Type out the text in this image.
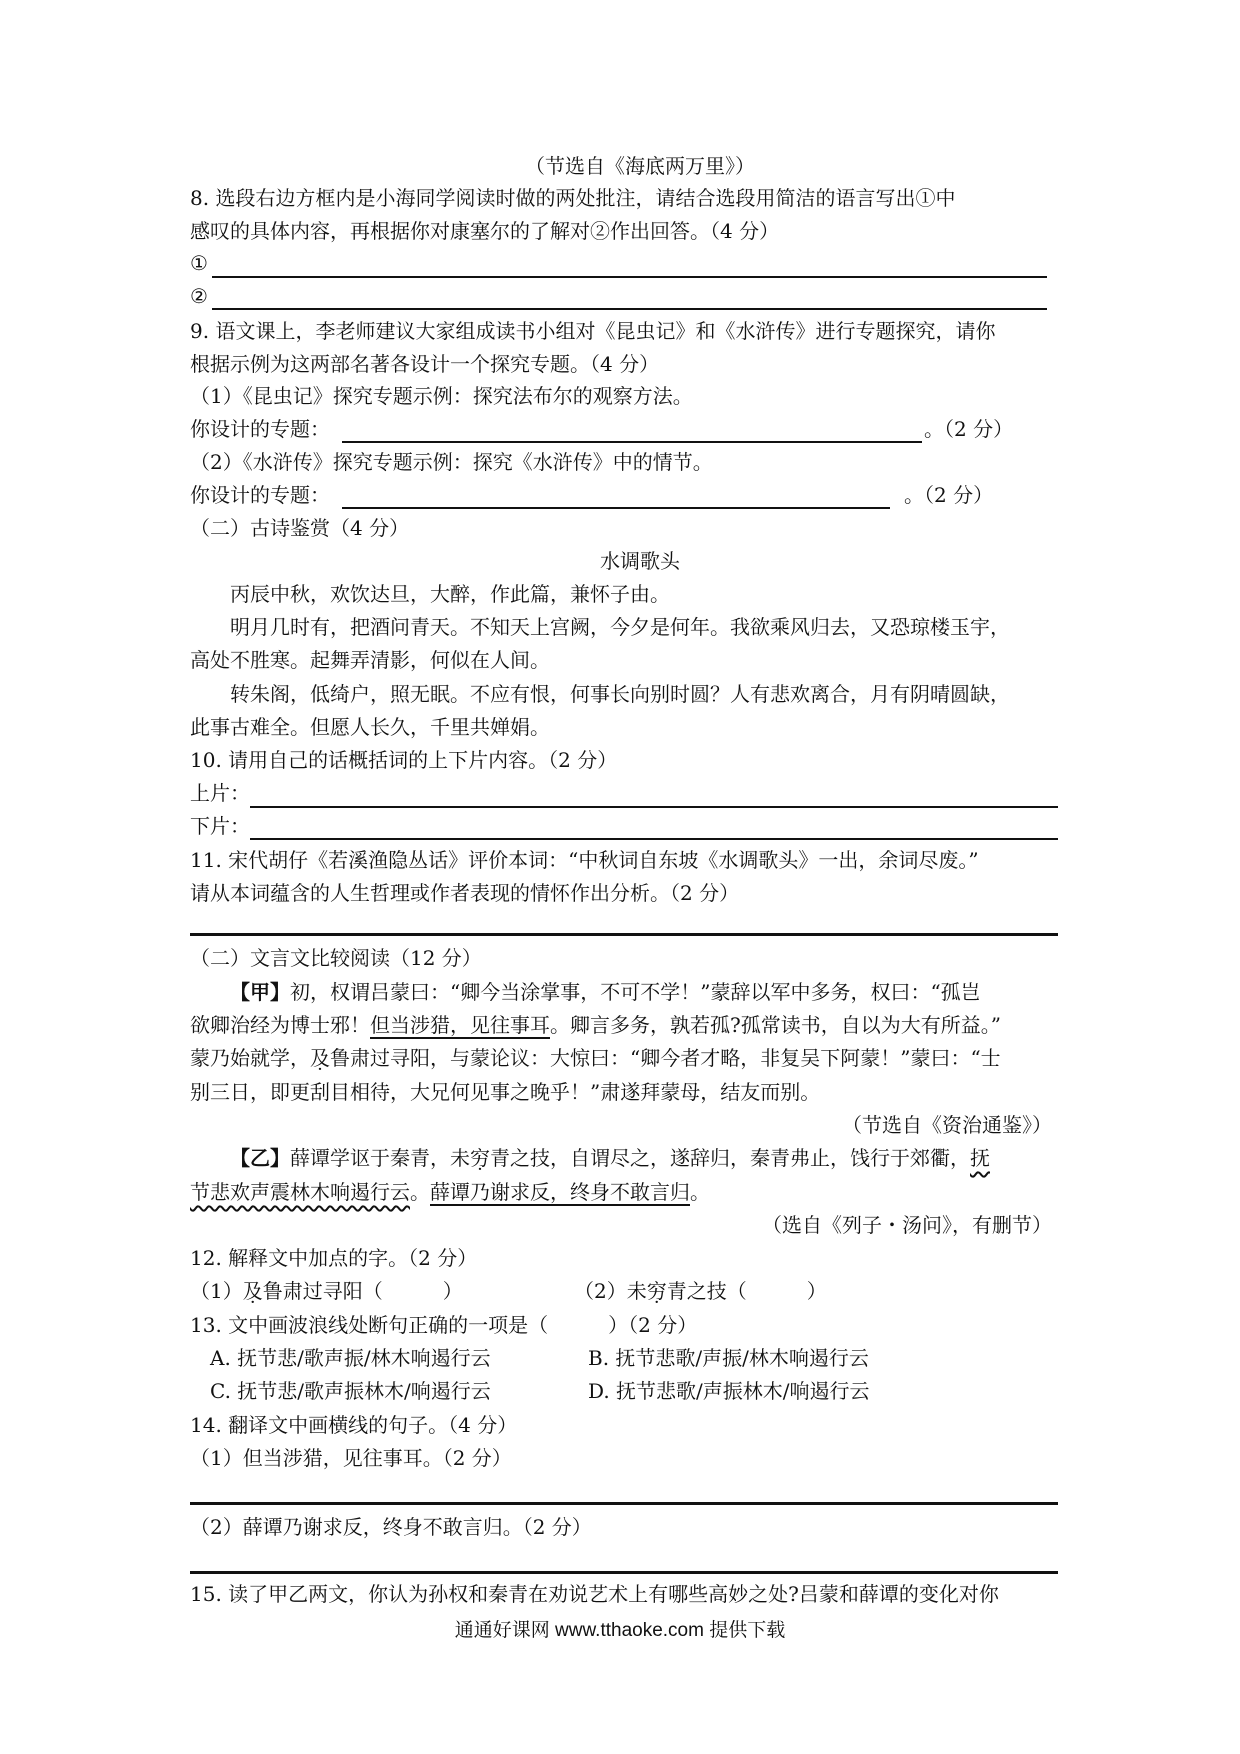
（节选自《海底两万里》）
8. 选段右边方框内是小海同学阅读时做的两处批注，请结合选段用简洁的语言写出①中
感叹的具体内容，再根据你对康塞尔的了解对②作出回答。（4 分）
①
②
9. 语文课上，李老师建议大家组成读书小组对《昆虫记》和《水浒传》进行专题探究，请你
根据示例为这两部名著各设计一个探究专题。（4 分）
（1）《昆虫记》探究专题示例：探究法布尔的观察方法。
你设计的专题：	。（2 分）
（2）《水浒传》探究专题示例：探究《水浒传》中的情节。
你设计的专题：	。（2 分）
（二）古诗鉴赏（4 分）
水调歌头
丙辰中秋，欢饮达旦，大醉，作此篇，兼怀子由。
明月几时有，把酒问青天。不知天上宫阙，今夕是何年。我欲乘风归去，又恐琼楼玉宇，
高处不胜寒。起舞弄清影，何似在人间。
转朱阁，低绮户，照无眠。不应有恨，何事长向别时圆？人有悲欢离合，月有阴晴圆缺，
此事古难全。但愿人长久，千里共婵娟。
10. 请用自己的话概括词的上下片内容。（2 分）
上片：
下片：
11. 宋代胡仔《若溪渔隐丛话》评价本词：“中秋词自东坡《水调歌头》一出，余词尽废。”
请从本词蕴含的人生哲理或作者表现的情怀作出分析。（2 分）
（二）文言文比较阅读（12 分）
【甲】初，权谓吕蒙曰：“卿今当涂掌事，不可不学！”蒙辞以军中多务，权曰：“孤岂
欲卿治经为博士邪！但当涉猎，见往事耳。卿言多务，孰若孤?孤常读书，自以为大有所益。”
蒙乃始就学，及鲁肃过寻阳，与蒙论议：大惊曰：“卿今者才略，非复吴下阿蒙！”蒙曰：“士
别三日，即更刮目相待，大兄何见事之晚乎！”肃遂拜蒙母，结友而别。
（节选自《资治通鉴》）
【乙】薛谭学讴于秦青，未穷青之技，自谓尽之，遂辞归，秦青弗止，饯行于郊衢，抚
节悲欢声震林木响遏行云。薛谭乃谢求反，终身不敢言归。
（选自《列子・汤问》，有删节）
12. 解释文中加点的字。（2 分）
（1）及鲁肃过寻阳（　　　）	（2）未穷青之技（　　　）
13. 文中画波浪线处断句正确的一项是（　　　）（2 分）
A. 抚节悲/歌声振/林木响遏行云	B. 抚节悲歌/声振/林木响遏行云
C. 抚节悲/歌声振林木/响遏行云	D. 抚节悲歌/声振林木/响遏行云
14. 翻译文中画横线的句子。（4 分）
（1）但当涉猎，见往事耳。（2 分）
（2）薛谭乃谢求反，终身不敢言归。（2 分）
15. 读了甲乙两文，你认为孙权和秦青在劝说艺术上有哪些高妙之处?吕蒙和薛谭的变化对你
通通好课网 www.tthaoke.com 提供下载
